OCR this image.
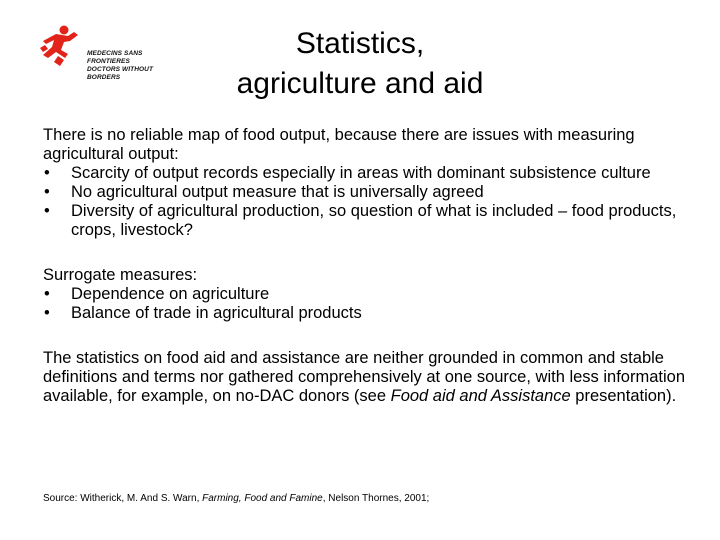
MEDECINS SANS FRONTIERES
DOCTORS WITHOUT BORDERS
Statistics,
agriculture and aid

There is no reliable map of food output, because there are issues with measuring agricultural output:

• Scarcity of output records especially in areas with dominant subsistence culture
• No agricultural output measure that is universally agreed
• Diversity of agricultural production, so question of what is included – food products, crops, livestock?

Surrogate measures:

• Dependence on agriculture
• Balance of trade in agricultural products

The statistics on food aid and assistance are neither grounded in common and stable definitions and terms nor gathered comprehensively at one source, with less information available, for example, on no-DAC donors (see Food aid and Assistance presentation).

Source: Witherick, M. And S. Warn, Farming, Food and Famine, Nelson Thornes, 2001;
